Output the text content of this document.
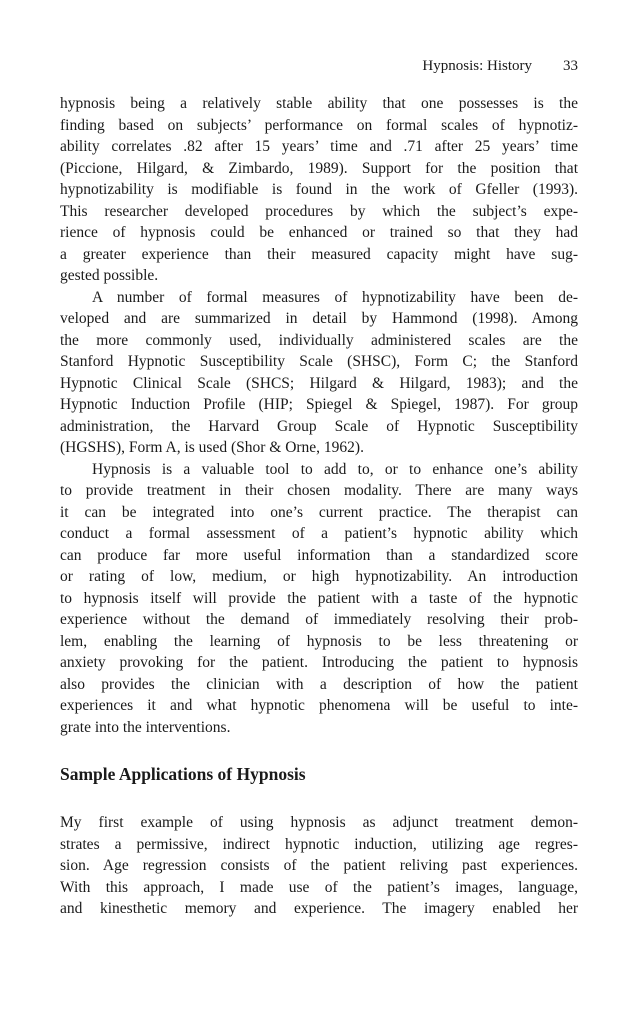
Hypnosis: History 33
hypnosis being a relatively stable ability that one possesses is the
finding based on subjects’ performance on formal scales of hypnotiz-
ability correlates .82 after 15 years’ time and .71 after 25 years’ time
(Piccione, Hilgard, & Zimbardo, 1989). Support for the position that
hypnotizability is modifiable is found in the work of Gfeller (1993).
This researcher developed procedures by which the subject’s expe-
rience of hypnosis could be enhanced or trained so that they had
a greater experience than their measured capacity might have sug-
gested possible.
A number of formal measures of hypnotizability have been de-
veloped and are summarized in detail by Hammond (1998). Among
the more commonly used, individually administered scales are the
Stanford Hypnotic Susceptibility Scale (SHSC), Form C; the Stanford
Hypnotic Clinical Scale (SHCS; Hilgard & Hilgard, 1983); and the
Hypnotic Induction Profile (HIP; Spiegel & Spiegel, 1987). For group
administration, the Harvard Group Scale of Hypnotic Susceptibility
(HGSHS), Form A, is used (Shor & Orne, 1962).
Hypnosis is a valuable tool to add to, or to enhance one’s ability
to provide treatment in their chosen modality. There are many ways
it can be integrated into one’s current practice. The therapist can
conduct a formal assessment of a patient’s hypnotic ability which
can produce far more useful information than a standardized score
or rating of low, medium, or high hypnotizability. An introduction
to hypnosis itself will provide the patient with a taste of the hypnotic
experience without the demand of immediately resolving their prob-
lem, enabling the learning of hypnosis to be less threatening or
anxiety provoking for the patient. Introducing the patient to hypnosis
also provides the clinician with a description of how the patient
experiences it and what hypnotic phenomena will be useful to inte-
grate into the interventions.
Sample Applications of Hypnosis
My first example of using hypnosis as adjunct treatment demon-
strates a permissive, indirect hypnotic induction, utilizing age regres-
sion. Age regression consists of the patient reliving past experiences.
With this approach, I made use of the patient’s images, language,
and kinesthetic memory and experience. The imagery enabled her
